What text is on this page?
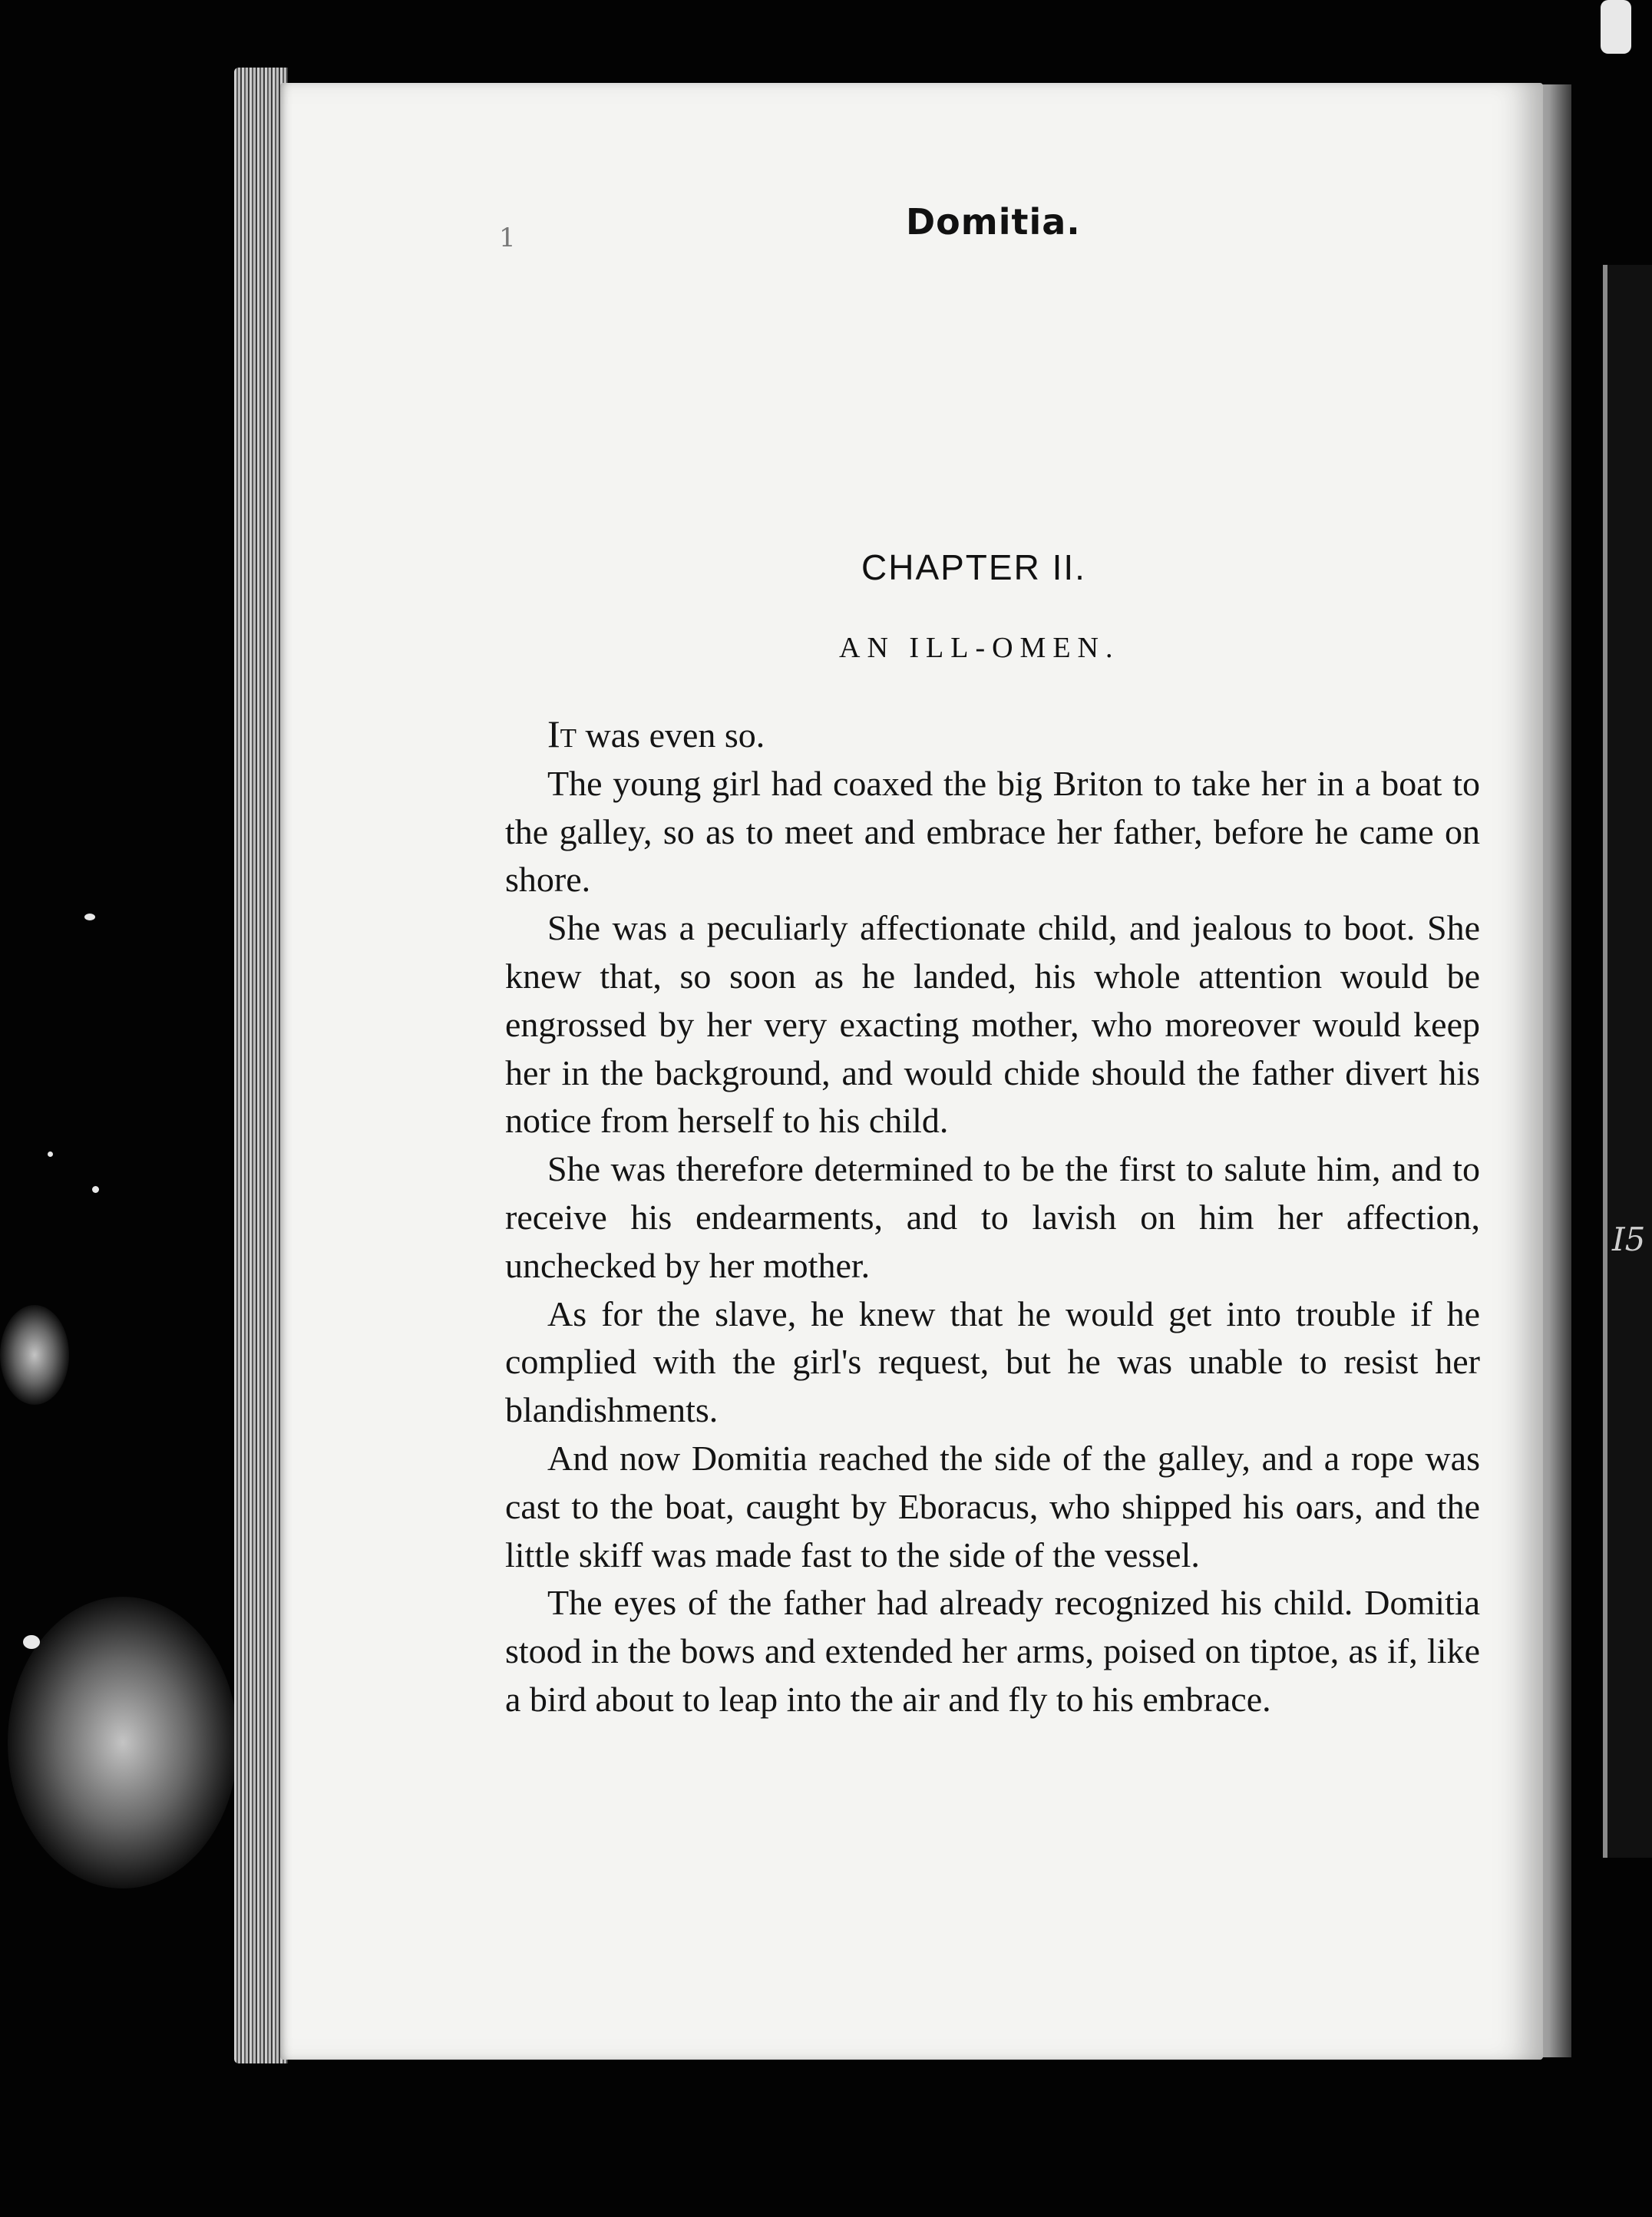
I5
1	Domitia.
CHAPTER II.
AN ILL-OMEN.

It was even so.

The young girl had coaxed the big Briton to take her in a boat to the galley, so as to meet and embrace her father, before he came on shore.

She was a peculiarly affectionate child, and jealous to boot. She knew that, so soon as he landed, his whole attention would be engrossed by her very exacting mother, who moreover would keep her in the background, and would chide should the father divert his notice from herself to his child.

She was therefore determined to be the first to salute him, and to receive his endearments, and to lavish on him her affection, unchecked by her mother.

As for the slave, he knew that he would get into trouble if he complied with the girl's request, but he was unable to resist her blandishments.

And now Domitia reached the side of the galley, and a rope was cast to the boat, caught by Eboracus, who shipped his oars, and the little skiff was made fast to the side of the vessel.

The eyes of the father had already recognized his child. Domitia stood in the bows and extended her arms, poised on tiptoe, as if, like a bird about to leap into the air and fly to his embrace.
